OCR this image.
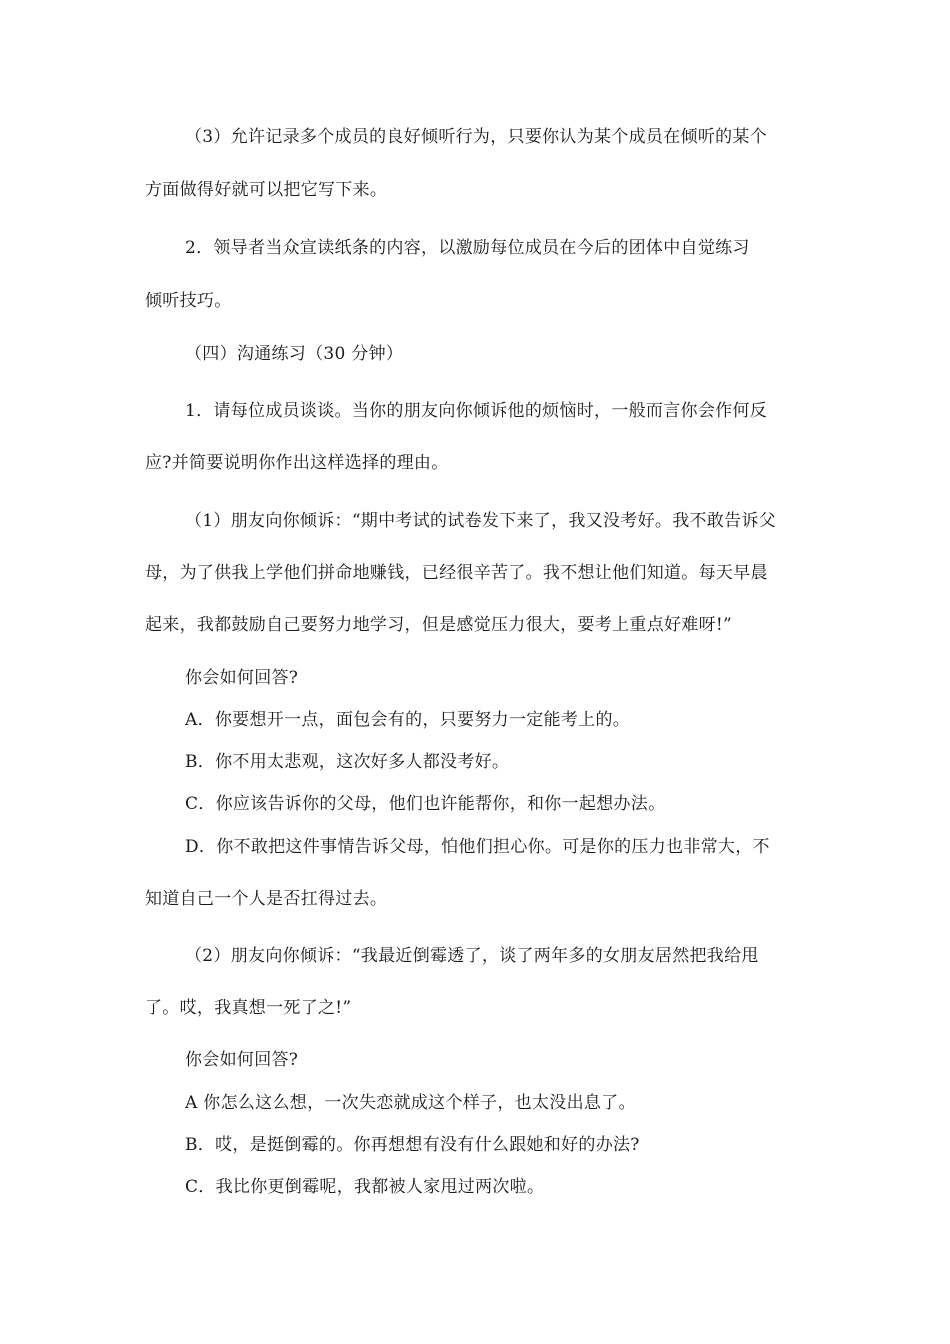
（3）允许记录多个成员的良好倾听行为，只要你认为某个成员在倾听的某个
方面做得好就可以把它写下来。
2．领导者当众宣读纸条的内容，以激励每位成员在今后的团体中自觉练习
倾听技巧。
（四）沟通练习（30 分钟）
1．请每位成员谈谈。当你的朋友向你倾诉他的烦恼时，一般而言你会作何反
应?并简要说明你作出这样选择的理由。
（1）朋友向你倾诉：“期中考试的试卷发下来了，我又没考好。我不敢告诉父
母，为了供我上学他们拼命地赚钱，已经很辛苦了。我不想让他们知道。每天早晨
起来，我都鼓励自己要努力地学习，但是感觉压力很大，要考上重点好难呀!”
你会如何回答?
A．你要想开一点，面包会有的，只要努力一定能考上的。
B．你不用太悲观，这次好多人都没考好。
C．你应该告诉你的父母，他们也许能帮你，和你一起想办法。
D．你不敢把这件事情告诉父母，怕他们担心你。可是你的压力也非常大，不
知道自己一个人是否扛得过去。
（2）朋友向你倾诉：“我最近倒霉透了，谈了两年多的女朋友居然把我给甩
了。哎，我真想一死了之!”
你会如何回答?
A 你怎么这么想，一次失恋就成这个样子，也太没出息了。
B．哎，是挺倒霉的。你再想想有没有什么跟她和好的办法?
C．我比你更倒霉呢，我都被人家甩过两次啦。
